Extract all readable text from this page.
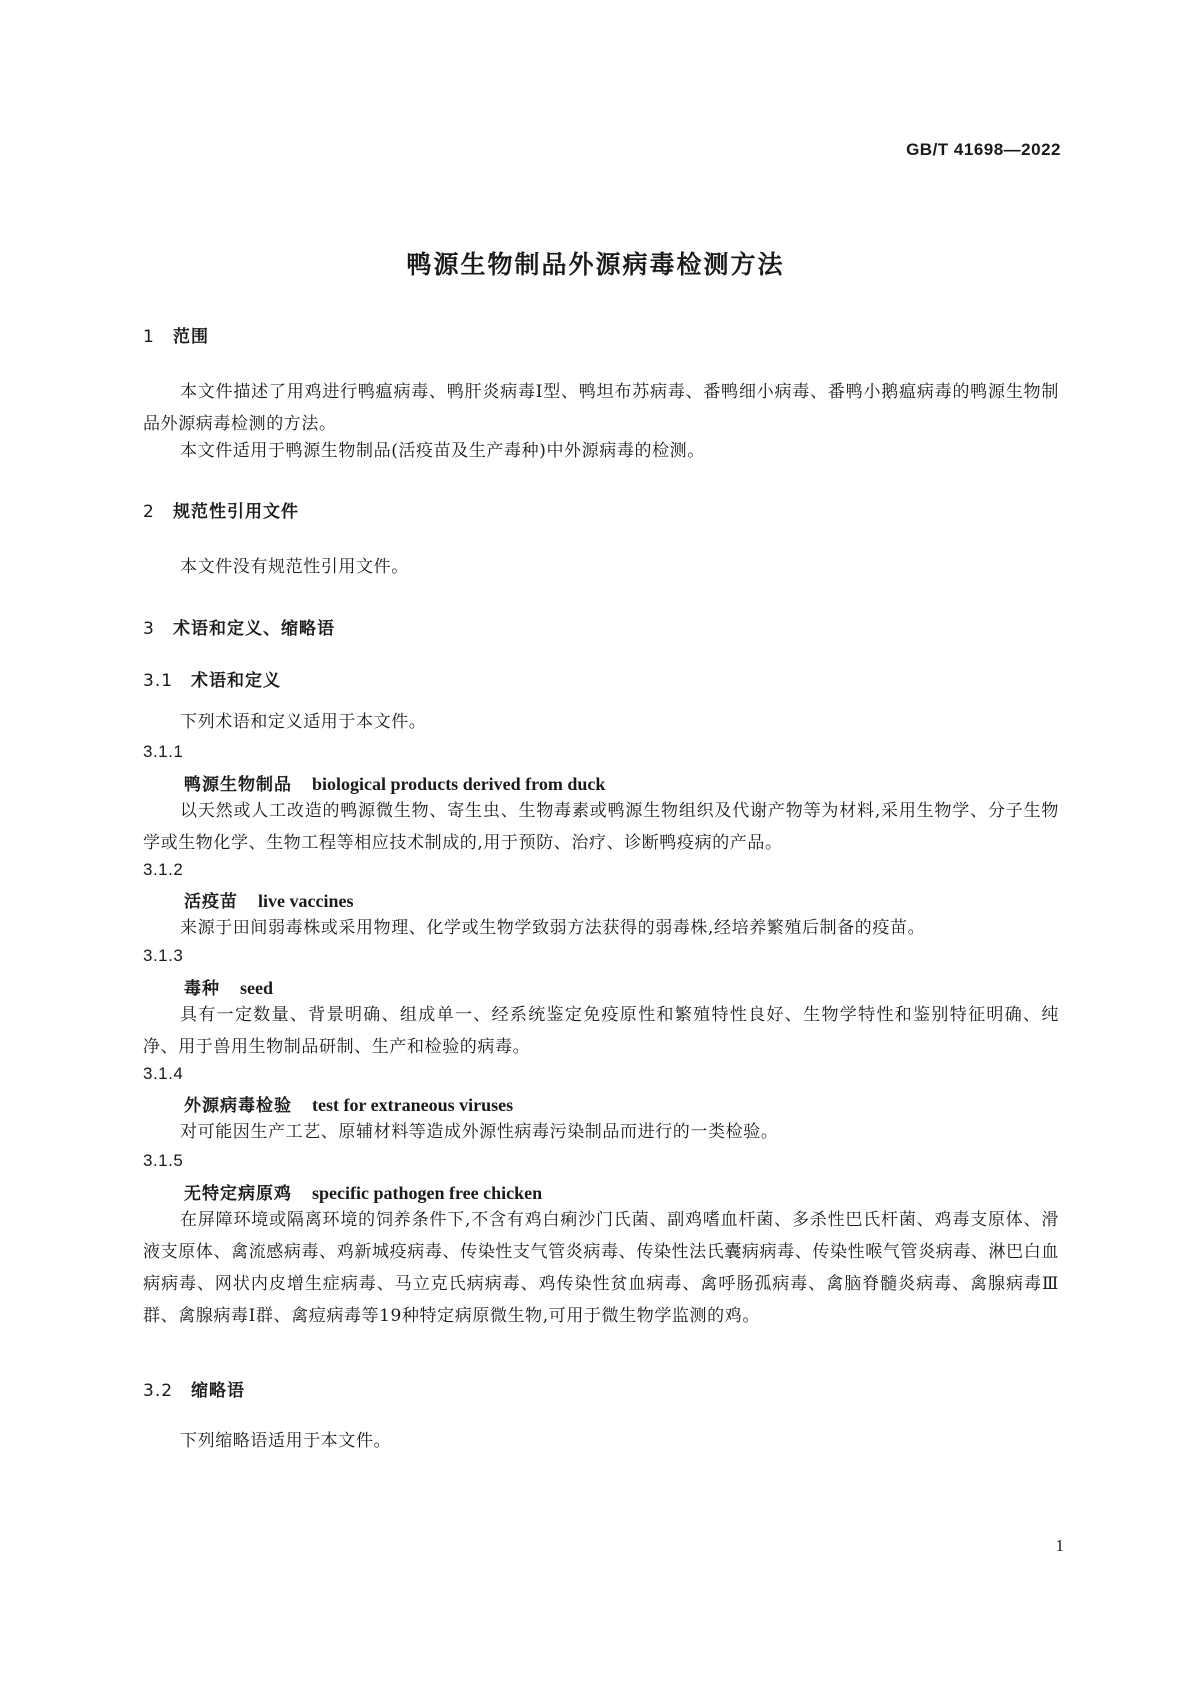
GB/T 41698—2022
鸭源生物制品外源病毒检测方法
1 范围
本文件描述了用鸡进行鸭瘟病毒、鸭肝炎病毒Ⅰ型、鸭坦布苏病毒、番鸭细小病毒、番鸭小鹅瘟病毒的鸭源生物制品外源病毒检测的方法。
本文件适用于鸭源生物制品(活疫苗及生产毒种)中外源病毒的检测。
2 规范性引用文件
本文件没有规范性引用文件。
3 术语和定义、缩略语
3.1 术语和定义
下列术语和定义适用于本文件。
3.1.1
鸭源生物制品 biological products derived from duck
以天然或人工改造的鸭源微生物、寄生虫、生物毒素或鸭源生物组织及代谢产物等为材料,采用生物学、分子生物学或生物化学、生物工程等相应技术制成的,用于预防、治疗、诊断鸭疫病的产品。
3.1.2
活疫苗 live vaccines
来源于田间弱毒株或采用物理、化学或生物学致弱方法获得的弱毒株,经培养繁殖后制备的疫苗。
3.1.3
毒种 seed
具有一定数量、背景明确、组成单一、经系统鉴定免疫原性和繁殖特性良好、生物学特性和鉴别特征明确、纯净、用于兽用生物制品研制、生产和检验的病毒。
3.1.4
外源病毒检验 test for extraneous viruses
对可能因生产工艺、原辅材料等造成外源性病毒污染制品而进行的一类检验。
3.1.5
无特定病原鸡 specific pathogen free chicken
在屏障环境或隔离环境的饲养条件下,不含有鸡白痢沙门氏菌、副鸡嗜血杆菌、多杀性巴氏杆菌、鸡毒支原体、滑液支原体、禽流感病毒、鸡新城疫病毒、传染性支气管炎病毒、传染性法氏囊病病毒、传染性喉气管炎病毒、淋巴白血病病毒、网状内皮增生症病毒、马立克氏病病毒、鸡传染性贫血病毒、禽呼肠孤病毒、禽脑脊髓炎病毒、禽腺病毒Ⅲ群、禽腺病毒Ⅰ群、禽痘病毒等19种特定病原微生物,可用于微生物学监测的鸡。
3.2 缩略语
下列缩略语适用于本文件。
1
